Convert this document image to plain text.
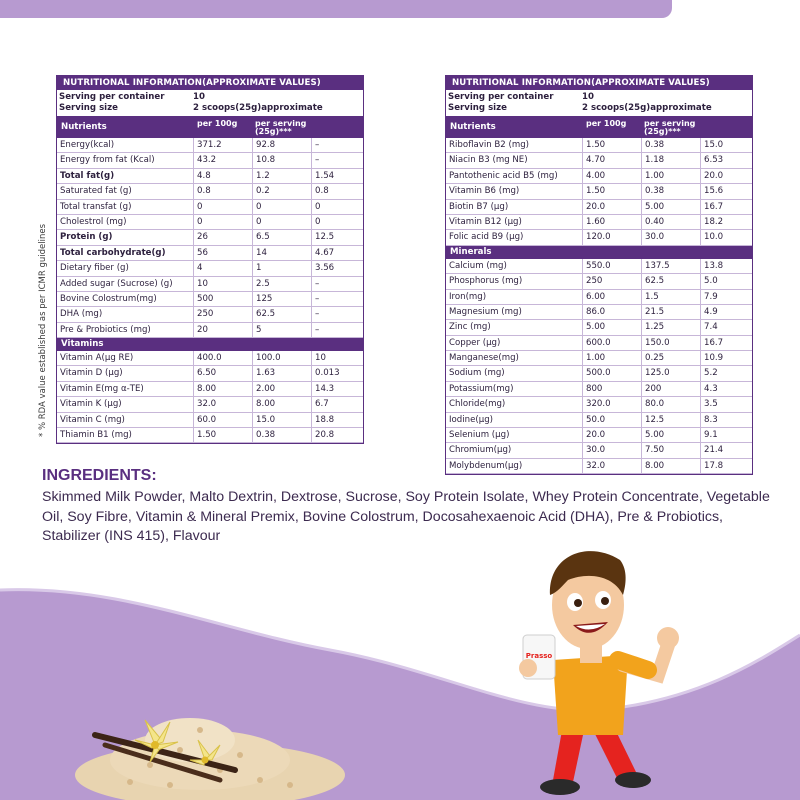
NUTRITIONAL INFORMATION(APPROXIMATE VALUES)
Serving per container	10
Serving size	2 scoops(25g)approximate
Nutrients	per 100g	per serving (25g)***
Energy(kcal)	371.2	92.8	–
Energy from fat (Kcal)	43.2	10.8	–
Total fat(g)	4.8	1.2	1.54
Saturated fat (g)	0.8	0.2	0.8
Total transfat (g)	0	0	0
Cholestrol (mg)	0	0	0
Protein (g)	26	6.5	12.5
Total carbohydrate(g)	56	14	4.67
Dietary fiber (g)	4	1	3.56
Added sugar (Sucrose) (g)	10	2.5	–
Bovine Colostrum(mg)	500	125	–
DHA (mg)	250	62.5	–
Pre & Probiotics (mg)	20	5	–
Vitamins
Vitamin A(µg RE)	400.0	100.0	10
Vitamin D (µg)	6.50	1.63	0.013
Vitamin E(mg α-TE)	8.00	2.00	14.3
Vitamin K (µg)	32.0	8.00	6.7
Vitamin C (mg)	60.0	15.0	18.8
Thiamin B1 (mg)	1.50	0.38	20.8
NUTRITIONAL INFORMATION(APPROXIMATE VALUES)
Serving per container	10
Serving size	2 scoops(25g)approximate
Nutrients	per 100g	per serving (25g)***
Riboflavin B2 (mg)	1.50	0.38	15.0
Niacin B3 (mg NE)	4.70	1.18	6.53
Pantothenic acid B5 (mg)	4.00	1.00	20.0
Vitamin B6 (mg)	1.50	0.38	15.6
Biotin B7 (µg)	20.0	5.00	16.7
Vitamin B12 (µg)	1.60	0.40	18.2
Folic acid B9 (µg)	120.0	30.0	10.0
Minerals
Calcium (mg)	550.0	137.5	13.8
Phosphorus (mg)	250	62.5	5.0
Iron(mg)	6.00	1.5	7.9
Magnesium (mg)	86.0	21.5	4.9
Zinc (mg)	5.00	1.25	7.4
Copper (µg)	600.0	150.0	16.7
Manganese(mg)	1.00	0.25	10.9
Sodium (mg)	500.0	125.0	5.2
Potassium(mg)	800	200	4.3
Chloride(mg)	320.0	80.0	3.5
Iodine(µg)	50.0	12.5	8.3
Selenium (µg)	20.0	5.00	9.1
Chromium(µg)	30.0	7.50	21.4
Molybdenum(µg)	32.0	8.00	17.8
* % RDA value established as per ICMR guidelines
INGREDIENTS:
Skimmed Milk Powder, Malto Dextrin, Dextrose, Sucrose, Soy Protein Isolate, Whey Protein Concentrate, Vegetable Oil, Soy Fibre, Vitamin & Mineral Premix, Bovine Colostrum, Docosahexaenoic Acid (DHA), Pre & Probiotics, Stabilizer (INS 415), Flavour
Prasso
